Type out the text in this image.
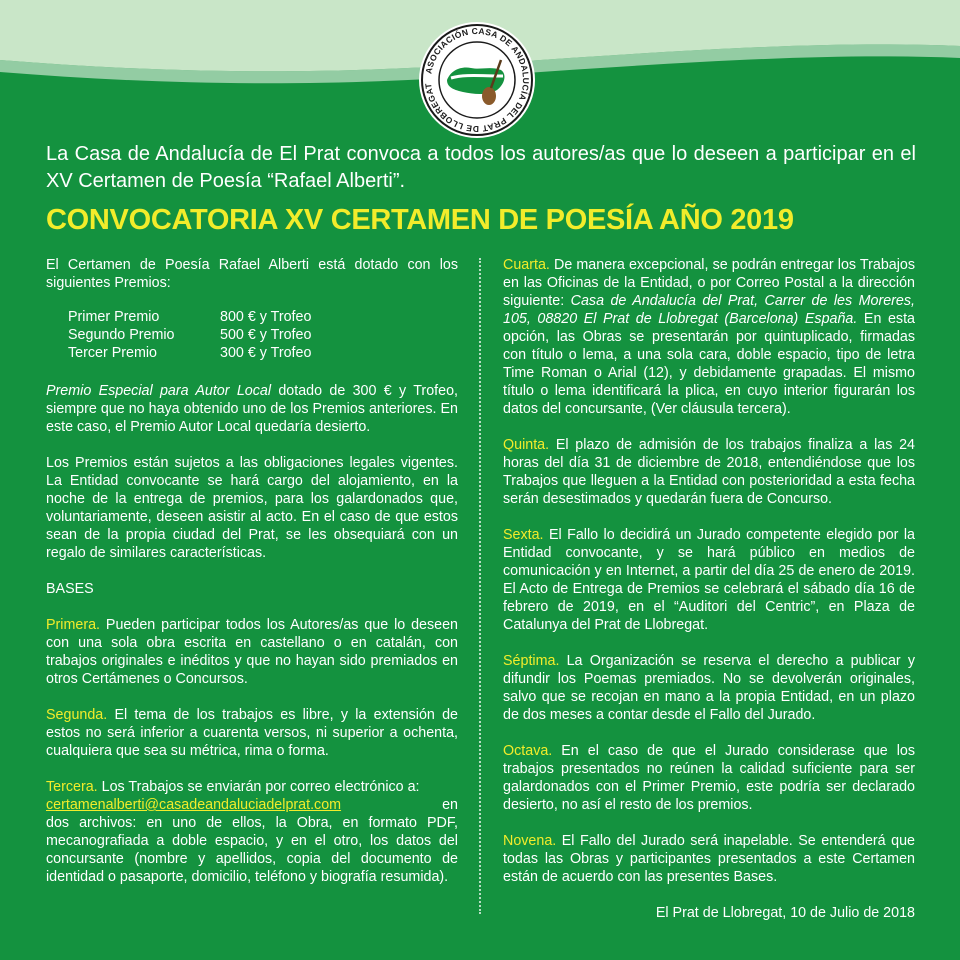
ASOCIACIÓN CASA DE ANDALUCÍA DEL PRAT DE LLOBREGAT

La Casa de Andalucía de El Prat convoca a todos los autores/as que lo deseen a participar en el XV Certamen de Poesía “Rafael Alberti”.

CONVOCATORIA XV CERTAMEN DE POESÍA AÑO 2019

El Certamen de Poesía Rafael Alberti está dotado con los siguientes Premios:

Primer Premio	800 € y Trofeo
Segundo Premio	500 € y Trofeo
Tercer Premio	300 € y Trofeo

Premio Especial para Autor Local dotado de 300 € y Trofeo, siempre que no haya obtenido uno de los Premios anteriores. En este caso, el Premio Autor Local quedaría desierto.

Los Premios están sujetos a las obligaciones legales vigentes. La Entidad convocante se hará cargo del alojamiento, en la noche de la entrega de premios, para los galardonados que, voluntariamente, deseen asistir al acto. En el caso de que estos sean de la propia ciudad del Prat, se les obsequiará con un regalo de similares características.

BASES

Primera. Pueden participar todos los Autores/as que lo deseen con una sola obra escrita en castellano o en catalán, con trabajos originales e inéditos y que no hayan sido premiados en otros Certámenes o Concursos.

Segunda. El tema de los trabajos es libre, y la extensión de estos no será inferior a cuarenta versos, ni superior a ochenta, cualquiera que sea su métrica, rima o forma.

Tercera. Los Trabajos se enviarán por correo electrónico a:

certamenalberti@casadeandaluciadelprat.com	en

dos archivos: en uno de ellos, la Obra, en formato PDF, mecanografiada a doble espacio, y en el otro, los datos del concursante (nombre y apellidos, copia del documento de identidad o pasaporte, domicilio, teléfono y biografía resumida).

Cuarta. De manera excepcional, se podrán entregar los Trabajos en las Oficinas de la Entidad, o por Correo Postal a la dirección siguiente: Casa de Andalucía del Prat, Carrer de les Moreres, 105, 08820 El Prat de Llobregat (Barcelona) España. En esta opción, las Obras se presentarán por quintuplicado, firmadas con título o lema, a una sola cara, doble espacio, tipo de letra Time Roman o Arial (12), y debidamente grapadas. El mismo título o lema identificará la plica, en cuyo interior figurarán los datos del concursante, (Ver cláusula tercera).

Quinta. El plazo de admisión de los trabajos finaliza a las 24 horas del día 31 de diciembre de 2018, entendiéndose que los Trabajos que lleguen a la Entidad con posterioridad a esta fecha serán desestimados y quedarán fuera de Concurso.

Sexta. El Fallo lo decidirá un Jurado competente elegido por la Entidad convocante, y se hará público en medios de comunicación y en Internet, a partir del día 25 de enero de 2019. El Acto de Entrega de Premios se celebrará el sábado día 16 de febrero de 2019, en el “Auditori del Centric”, en Plaza de Catalunya del Prat de Llobregat.

Séptima. La Organización se reserva el derecho a publicar y difundir los Poemas premiados. No se devolverán originales, salvo que se recojan en mano a la propia Entidad, en un plazo de dos meses a contar desde el Fallo del Jurado.

Octava. En el caso de que el Jurado considerase que los trabajos presentados no reúnen la calidad suficiente para ser galardonados con el Primer Premio, este podría ser declarado desierto, no así el resto de los premios.

Novena. El Fallo del Jurado será inapelable. Se entenderá que todas las Obras y participantes presentados a este Certamen están de acuerdo con las presentes Bases.

El Prat de Llobregat, 10 de Julio de 2018
